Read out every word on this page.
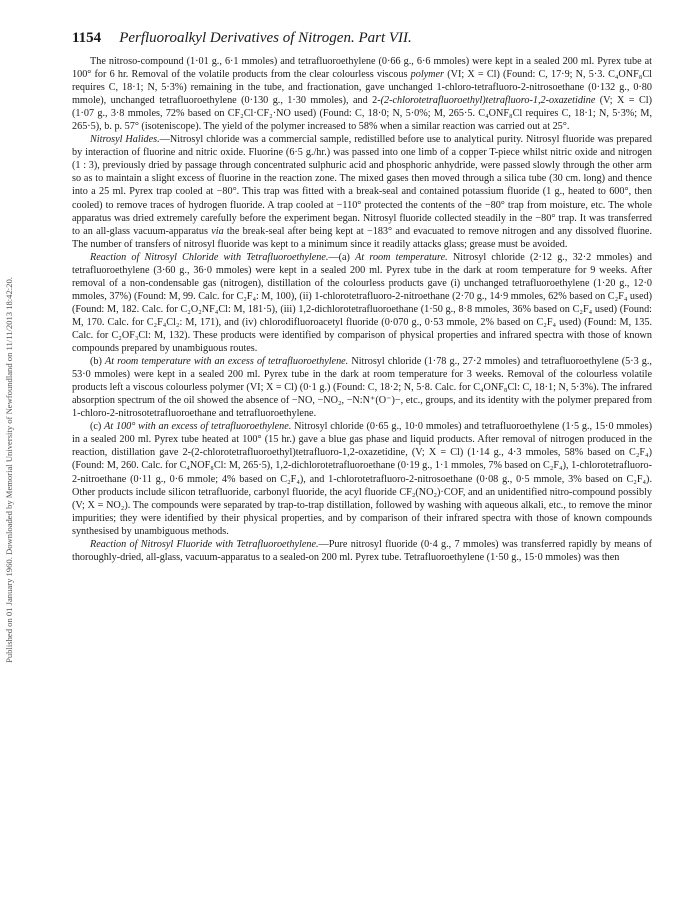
Published on 01 January 1960. Downloaded by Memorial University of Newfoundland on 11/11/2013 18:42:20.
1154 Perfluoroalkyl Derivatives of Nitrogen. Part VII.

The nitroso-compound (1·01 g., 6·1 mmoles) and tetrafluoroethylene (0·66 g., 6·6 mmoles) were kept in a sealed 200 ml. Pyrex tube at 100° for 6 hr. Removal of the volatile products from the clear colourless viscous polymer (VI; X = Cl) (Found: C, 17·9; N, 5·3. C₄ONF₈Cl requires C, 18·1; N, 5·3%) remaining in the tube, and fractionation, gave unchanged 1-chloro-tetrafluoro-2-nitrosoethane (0·132 g., 0·80 mmole), unchanged tetrafluoroethylene (0·130 g., 1·30 mmoles), and 2-(2-chlorotetrafluoroethyl)tetrafluoro-1,2-oxazetidine (V; X = Cl) (1·07 g., 3·8 mmoles, 72% based on CF₂Cl·CF₂·NO used) (Found: C, 18·0; N, 5·0%; M, 265·5. C₄ONF₈Cl requires C, 18·1; N, 5·3%; M, 265·5), b. p. 57° (isoteniscope). The yield of the polymer increased to 58% when a similar reaction was carried out at 25°.

Nitrosyl Halides.—Nitrosyl chloride was a commercial sample, redistilled before use to analytical purity. Nitrosyl fluoride was prepared by interaction of fluorine and nitric oxide. Fluorine (6·5 g./hr.) was passed into one limb of a copper T-piece whilst nitric oxide and nitrogen (1 : 3), previously dried by passage through concentrated sulphuric acid and phosphoric anhydride, were passed slowly through the other arm so as to maintain a slight excess of fluorine in the reaction zone. The mixed gases then moved through a silica tube (30 cm. long) and thence into a 25 ml. Pyrex trap cooled at −80°. This trap was fitted with a break-seal and contained potassium fluoride (1 g., heated to 600°, then cooled) to remove traces of hydrogen fluoride. A trap cooled at −110° protected the contents of the −80° trap from moisture, etc. The whole apparatus was dried extremely carefully before the experiment began. Nitrosyl fluoride collected steadily in the −80° trap. It was transferred to an all-glass vacuum-apparatus via the break-seal after being kept at −183° and evacuated to remove nitrogen and any dissolved fluorine. The number of transfers of nitrosyl fluoride was kept to a minimum since it readily attacks glass; grease must be avoided.

Reaction of Nitrosyl Chloride with Tetrafluoroethylene.—(a) At room temperature. Nitrosyl chloride (2·12 g., 32·2 mmoles) and tetrafluoroethylene (3·60 g., 36·0 mmoles) were kept in a sealed 200 ml. Pyrex tube in the dark at room temperature for 9 weeks. After removal of a non-condensable gas (nitrogen), distillation of the colourless products gave (i) unchanged tetrafluoroethylene (1·20 g., 12·0 mmoles, 37%) (Found: M, 99. Calc. for C₂F₄: M, 100), (ii) 1-chlorotetrafluoro-2-nitroethane (2·70 g., 14·9 mmoles, 62% based on C₂F₄ used) (Found: M, 182. Calc. for C₂O₂NF₄Cl: M, 181·5), (iii) 1,2-dichlorotetrafluoroethane (1·50 g., 8·8 mmoles, 36% based on C₂F₄ used) (Found: M, 170. Calc. for C₂F₄Cl₂: M, 171), and (iv) chlorodifluoroacetyl fluoride (0·070 g., 0·53 mmole, 2% based on C₂F₄ used) (Found: M, 135. Calc. for C₂OF₃Cl: M, 132). These products were identified by comparison of physical properties and infrared spectra with those of known compounds prepared by unambiguous routes.

(b) At room temperature with an excess of tetrafluoroethylene. Nitrosyl chloride (1·78 g., 27·2 mmoles) and tetrafluoroethylene (5·3 g., 53·0 mmoles) were kept in a sealed 200 ml. Pyrex tube in the dark at room temperature for 3 weeks. Removal of the colourless volatile products left a viscous colourless polymer (VI; X = Cl) (0·1 g.) (Found: C, 18·2; N, 5·8. Calc. for C₄ONF₈Cl: C, 18·1; N, 5·3%). The infrared absorption spectrum of the oil showed the absence of −NO, −NO₂, −N:N⁺(O⁻)−, etc., groups, and its identity with the polymer prepared from 1-chloro-2-nitrosotetrafluoroethane and tetrafluoroethylene.

(c) At 100° with an excess of tetrafluoroethylene. Nitrosyl chloride (0·65 g., 10·0 mmoles) and tetrafluoroethylene (1·5 g., 15·0 mmoles) in a sealed 200 ml. Pyrex tube heated at 100° (15 hr.) gave a blue gas phase and liquid products. After removal of nitrogen produced in the reaction, distillation gave 2-(2-chlorotetrafluoroethyl)tetrafluoro-1,2-oxazetidine, (V; X = Cl) (1·14 g., 4·3 mmoles, 58% based on C₂F₄) (Found: M, 260. Calc. for C₄NOF₈Cl: M, 265·5), 1,2-dichlorotetrafluoroethane (0·19 g., 1·1 mmoles, 7% based on C₂F₄), 1-chlorotetrafluoro-2-nitroethane (0·11 g., 0·6 mmole; 4% based on C₂F₄), and 1-chlorotetrafluoro-2-nitrosoethane (0·08 g., 0·5 mmole, 3% based on C₂F₄). Other products include silicon tetrafluoride, carbonyl fluoride, the acyl fluoride CF₂(NO₂)·COF, and an unidentified nitro-compound possibly (V; X = NO₂). The compounds were separated by trap-to-trap distillation, followed by washing with aqueous alkali, etc., to remove the minor impurities; they were identified by their physical properties, and by comparison of their infrared spectra with those of known compounds synthesised by unambiguous methods.

Reaction of Nitrosyl Fluoride with Tetrafluoroethylene.—Pure nitrosyl fluoride (0·4 g., 7 mmoles) was transferred rapidly by means of thoroughly-dried, all-glass, vacuum-apparatus to a sealed-on 200 ml. Pyrex tube. Tetrafluoroethylene (1·50 g., 15·0 mmoles) was then
